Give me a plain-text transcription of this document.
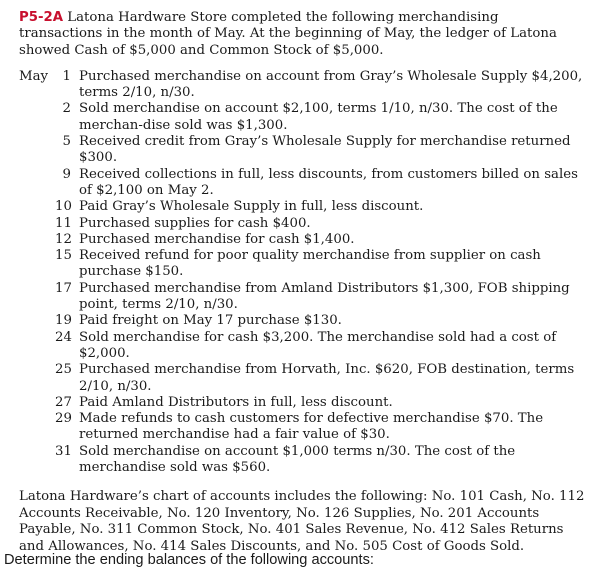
P5-2A Latona Hardware Store completed the following merchandising transactions in the month of May. At the beginning of May, the ledger of Latona showed Cash of $5,000 and Common Stock of $5,000.

May	1 Purchased merchandise on account from Gray’s Wholesale Supply $4,200, terms 2/10, n/30.
2 Sold merchandise on account $2,100, terms 1/10, n/30. The cost of the merchan-dise sold was $1,300.
5 Received credit from Gray’s Wholesale Supply for merchandise returned $300.
9 Received collections in full, less discounts, from customers billed on sales of $2,100 on May 2.
10 Paid Gray’s Wholesale Supply in full, less discount.
11 Purchased supplies for cash $400.
12 Purchased merchandise for cash $1,400.
15 Received refund for poor quality merchandise from supplier on cash purchase $150.
17 Purchased merchandise from Amland Distributors $1,300, FOB shipping point, terms 2/10, n/30.
19 Paid freight on May 17 purchase $130.
24 Sold merchandise for cash $3,200. The merchandise sold had a cost of $2,000.
25 Purchased merchandise from Horvath, Inc. $620, FOB destination, terms 2/10, n/30.
27 Paid Amland Distributors in full, less discount.
29 Made refunds to cash customers for defective merchandise $70. The returned merchandise had a fair value of $30.
31 Sold merchandise on account $1,000 terms n/30. The cost of the merchandise sold was $560.

Latona Hardware’s chart of accounts includes the following: No. 101 Cash, No. 112 Accounts Receivable, No. 120 Inventory, No. 126 Supplies, No. 201 Accounts Payable, No. 311 Common Stock, No. 401 Sales Revenue, No. 412 Sales Returns and Allowances, No. 414 Sales Discounts, and No. 505 Cost of Goods Sold.

Determine the ending balances of the following accounts:
